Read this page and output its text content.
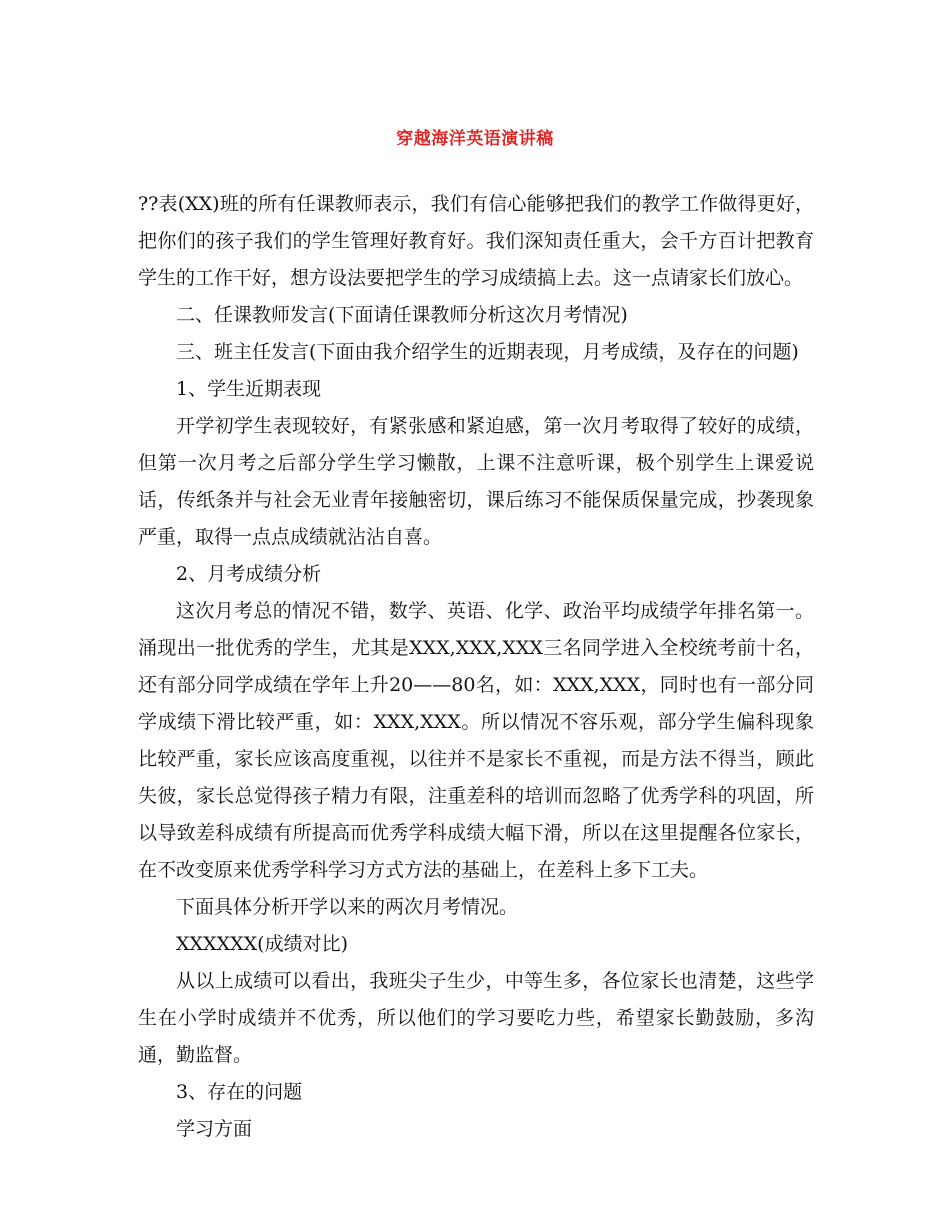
穿越海洋英语演讲稿

??表(XX)班的所有任课教师表示，我们有信心能够把我们的教学工作做得更好，把你们的孩子我们的学生管理好教育好。我们深知责任重大，会千方百计把教育学生的工作干好，想方设法要把学生的学习成绩搞上去。这一点请家长们放心。

二、任课教师发言(下面请任课教师分析这次月考情况)

三、班主任发言(下面由我介绍学生的近期表现，月考成绩，及存在的问题)

1、学生近期表现

开学初学生表现较好，有紧张感和紧迫感，第一次月考取得了较好的成绩，但第一次月考之后部分学生学习懒散，上课不注意听课，极个别学生上课爱说话，传纸条并与社会无业青年接触密切，课后练习不能保质保量完成，抄袭现象严重，取得一点点成绩就沾沾自喜。

2、月考成绩分析

这次月考总的情况不错，数学、英语、化学、政治平均成绩学年排名第一。涌现出一批优秀的学生，尤其是XXX,XXX,XXX三名同学进入全校统考前十名，还有部分同学成绩在学年上升20——80名，如：XXX,XXX，同时也有一部分同学成绩下滑比较严重，如：XXX,XXX。所以情况不容乐观，部分学生偏科现象比较严重，家长应该高度重视，以往并不是家长不重视，而是方法不得当，顾此失彼，家长总觉得孩子精力有限，注重差科的培训而忽略了优秀学科的巩固，所以导致差科成绩有所提高而优秀学科成绩大幅下滑，所以在这里提醒各位家长，在不改变原来优秀学科学习方式方法的基础上，在差科上多下工夫。

下面具体分析开学以来的两次月考情况。

XXXXXX(成绩对比)

从以上成绩可以看出，我班尖子生少，中等生多，各位家长也清楚，这些学生在小学时成绩并不优秀，所以他们的学习要吃力些，希望家长勤鼓励，多沟通，勤监督。

3、存在的问题

学习方面
